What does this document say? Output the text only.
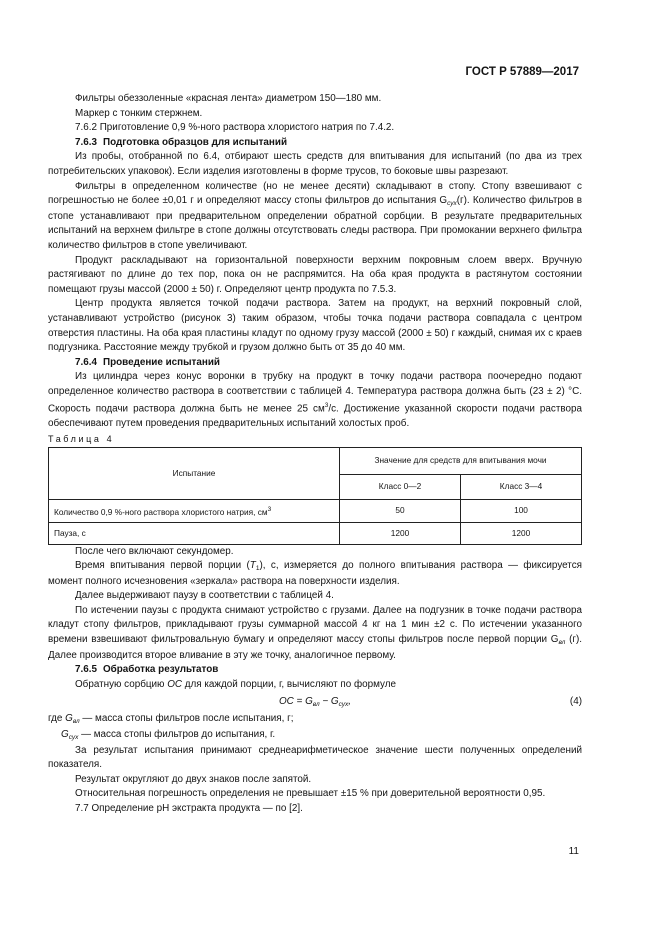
ГОСТ Р 57889—2017

Фильтры обеззоленные «красная лента» диаметром 150—180 мм.

Маркер с тонким стержнем.

7.6.2 Приготовление 0,9 %-ного раствора хлористого натрия по 7.4.2.

7.6.3 Подготовка образцов для испытаний

Из пробы, отобранной по 6.4, отбирают шесть средств для впитывания для испытаний (по два из трех потребительских упаковок). Если изделия изготовлены в форме трусов, то боковые швы разрезают.

Фильтры в определенном количестве (но не менее десяти) складывают в стопу. Стопу взвешивают с погрешностью не более ±0,01 г и определяют массу стопы фильтров до испытания $G_{сух}(г)$. Количество фильтров в стопе устанавливают при предварительном определении обратной сорбции. В результате предварительных испытаний на верхнем фильтре в стопе должны отсутствовать следы раствора. При промокании верхнего фильтра количество фильтров в стопе увеличивают.

Продукт раскладывают на горизонтальной поверхности верхним покровным слоем вверх. Вручную растягивают по длине до тех пор, пока он не распрямится. На оба края продукта в растянутом состоянии помещают грузы массой (2000 ± 50) г. Определяют центр продукта по 7.5.3.

Центр продукта является точкой подачи раствора. Затем на продукт, на верхний покровный слой, устанавливают устройство (рисунок 3) таким образом, чтобы точка подачи раствора совпадала с центром отверстия пластины. На оба края пластины кладут по одному грузу массой (2000 ± 50) г каждый, снимая их с краев подгузника. Расстояние между трубкой и грузом должно быть от 35 до 40 мм.

7.6.4 Проведение испытаний

Из цилиндра через конус воронки в трубку на продукт в точку подачи раствора поочередно подают определенное количество раствора в соответствии с таблицей 4. Температура раствора должна быть (23 ± 2) °С. Скорость подачи раствора должна быть не менее 25 $см^3/с$. Достижение указанной скорости подачи раствора обеспечивают путем проведения предварительных испытаний холостых проб.

Таблица 4

Испытание	Значение для средств для впитывания мочи	
	Класс 0—2	Класс 3—4
Количество 0,9 %-ного раствора хлористого натрия, $см^3$	50	100
Пауза, с	1200	1200

После чего включают секундомер.

Время впитывания первой порции $(T_1)$, с, измеряется до полного впитывания раствора — фиксируется момент полного исчезновения «зеркала» раствора на поверхности изделия.

Далее выдерживают паузу в соответствии с таблицей 4.

По истечении паузы с продукта снимают устройство с грузами. Далее на подгузник в точке подачи раствора кладут стопу фильтров, прикладывают грузы суммарной массой 4 кг на 1 мин ±2 с. По истечении указанного времени взвешивают фильтровальную бумагу и определяют массу стопы фильтров после первой порции $G_{вл}$ (г). Далее производится второе вливание в эту же точку, аналогичное первому.

7.6.5 Обработка результатов

Обратную сорбцию ОС для каждой порции, г, вычисляют по формуле

ОС = $G_{вл} - G_{сух}$,	(4)

где $G_{вл}$ — масса стопы фильтров после испытания, г;

$G_{сух}$ — масса стопы фильтров до испытания, г.

За результат испытания принимают среднеарифметическое значение шести полученных определений показателя.

Результат округляют до двух знаков после запятой.

Относительная погрешность определения не превышает ±15 % при доверительной вероятности 0,95.

7.7 Определение рН экстракта продукта — по [2].

11
